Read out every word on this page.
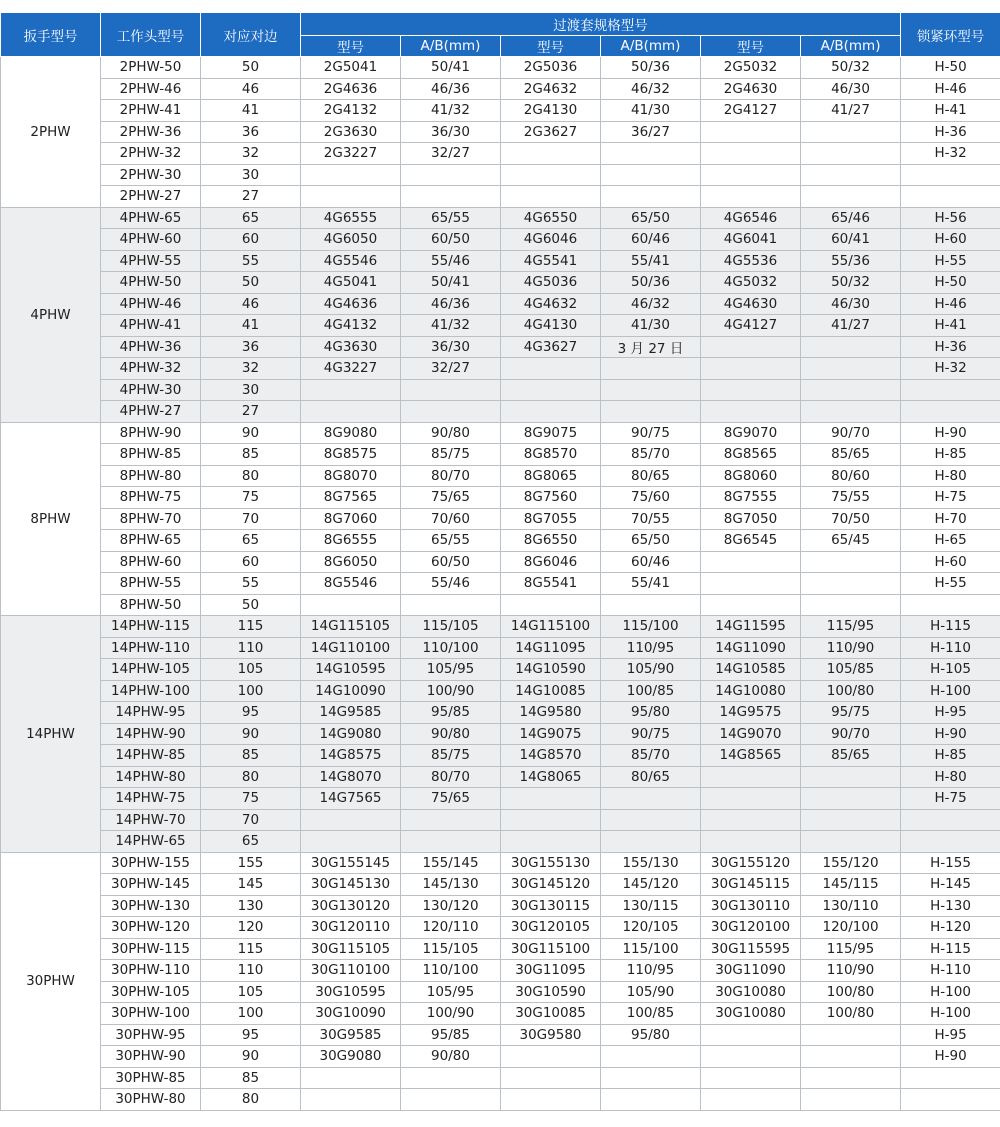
扳手型号	工作头型号	对应对边	过渡套规格型号						锁紧环型号
			型号	A/B(mm)	型号	A/B(mm)	型号	A/B(mm)	
2PHW	2PHW-50	50	2G5041	50/41	2G5036	50/36	2G5032	50/32	H-50
	2PHW-46	46	2G4636	46/36	2G4632	46/32	2G4630	46/30	H-46
	2PHW-41	41	2G4132	41/32	2G4130	41/30	2G4127	41/27	H-41
	2PHW-36	36	2G3630	36/30	2G3627	36/27			H-36
	2PHW-32	32	2G3227	32/27					H-32
	2PHW-30	30							
	2PHW-27	27							
4PHW	4PHW-65	65	4G6555	65/55	4G6550	65/50	4G6546	65/46	H-56
	4PHW-60	60	4G6050	60/50	4G6046	60/46	4G6041	60/41	H-60
	4PHW-55	55	4G5546	55/46	4G5541	55/41	4G5536	55/36	H-55
	4PHW-50	50	4G5041	50/41	4G5036	50/36	4G5032	50/32	H-50
	4PHW-46	46	4G4636	46/36	4G4632	46/32	4G4630	46/30	H-46
	4PHW-41	41	4G4132	41/32	4G4130	41/30	4G4127	41/27	H-41
	4PHW-36	36	4G3630	36/30	4G3627	3 月 27 日			H-36
	4PHW-32	32	4G3227	32/27					H-32
	4PHW-30	30							
	4PHW-27	27							
8PHW	8PHW-90	90	8G9080	90/80	8G9075	90/75	8G9070	90/70	H-90
	8PHW-85	85	8G8575	85/75	8G8570	85/70	8G8565	85/65	H-85
	8PHW-80	80	8G8070	80/70	8G8065	80/65	8G8060	80/60	H-80
	8PHW-75	75	8G7565	75/65	8G7560	75/60	8G7555	75/55	H-75
	8PHW-70	70	8G7060	70/60	8G7055	70/55	8G7050	70/50	H-70
	8PHW-65	65	8G6555	65/55	8G6550	65/50	8G6545	65/45	H-65
	8PHW-60	60	8G6050	60/50	8G6046	60/46			H-60
	8PHW-55	55	8G5546	55/46	8G5541	55/41			H-55
	8PHW-50	50							
14PHW	14PHW-115	115	14G115105	115/105	14G115100	115/100	14G11595	115/95	H-115
	14PHW-110	110	14G110100	110/100	14G11095	110/95	14G11090	110/90	H-110
	14PHW-105	105	14G10595	105/95	14G10590	105/90	14G10585	105/85	H-105
	14PHW-100	100	14G10090	100/90	14G10085	100/85	14G10080	100/80	H-100
	14PHW-95	95	14G9585	95/85	14G9580	95/80	14G9575	95/75	H-95
	14PHW-90	90	14G9080	90/80	14G9075	90/75	14G9070	90/70	H-90
	14PHW-85	85	14G8575	85/75	14G8570	85/70	14G8565	85/65	H-85
	14PHW-80	80	14G8070	80/70	14G8065	80/65			H-80
	14PHW-75	75	14G7565	75/65					H-75
	14PHW-70	70							
	14PHW-65	65							
30PHW	30PHW-155	155	30G155145	155/145	30G155130	155/130	30G155120	155/120	H-155
	30PHW-145	145	30G145130	145/130	30G145120	145/120	30G145115	145/115	H-145
	30PHW-130	130	30G130120	130/120	30G130115	130/115	30G130110	130/110	H-130
	30PHW-120	120	30G120110	120/110	30G120105	120/105	30G120100	120/100	H-120
	30PHW-115	115	30G115105	115/105	30G115100	115/100	30G115595	115/95	H-115
	30PHW-110	110	30G110100	110/100	30G11095	110/95	30G11090	110/90	H-110
	30PHW-105	105	30G10595	105/95	30G10590	105/90	30G10080	100/80	H-100
	30PHW-100	100	30G10090	100/90	30G10085	100/85	30G10080	100/80	H-100
	30PHW-95	95	30G9585	95/85	30G9580	95/80			H-95
	30PHW-90	90	30G9080	90/80					H-90
	30PHW-85	85							
	30PHW-80	80							
